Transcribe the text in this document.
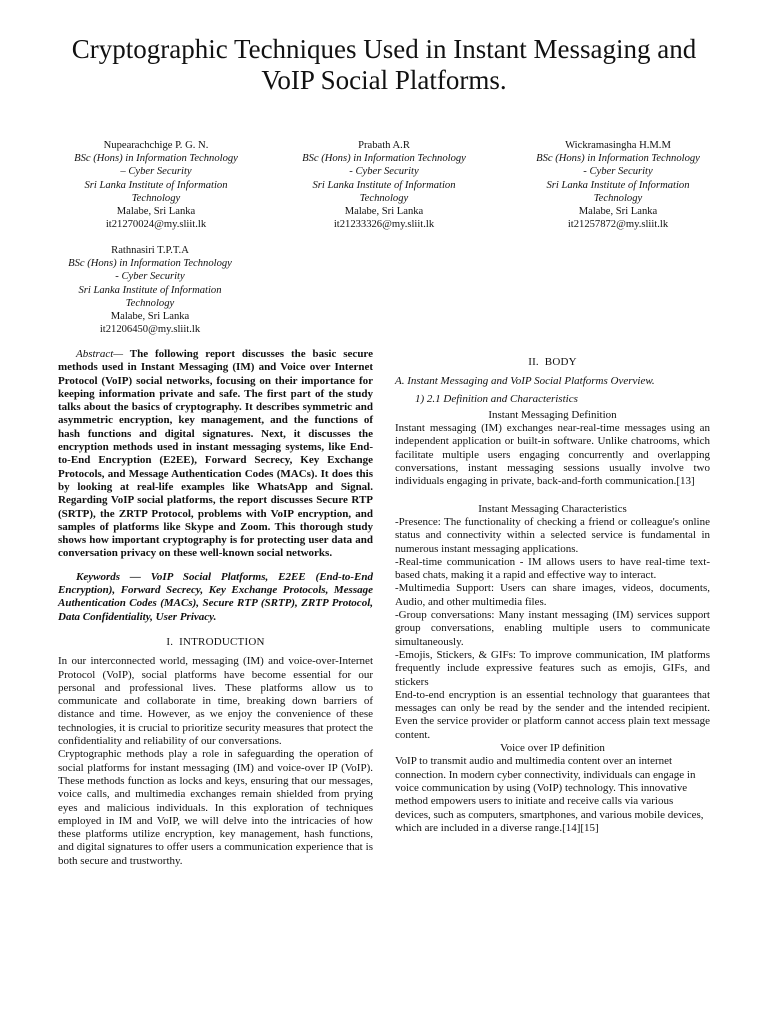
Cryptographic Techniques Used in Instant Messaging and VoIP Social Platforms.
Nupearachchige P. G. N.
BSc (Hons) in Information Technology
– Cyber Security
Sri Lanka Institute of Information Technology
Malabe, Sri Lanka
it21270024@my.sliit.lk
Prabath A.R
BSc (Hons) in Information Technology
- Cyber Security
Sri Lanka Institute of Information Technology
Malabe, Sri Lanka
it21233326@my.sliit.lk
Wickramasingha H.M.M
BSc (Hons) in Information Technology
- Cyber Security
Sri Lanka Institute of Information Technology
Malabe, Sri Lanka
it21257872@my.sliit.lk
Rathnasiri T.P.T.A
BSc (Hons) in Information Technology
- Cyber Security
Sri Lanka Institute of Information Technology
Malabe, Sri Lanka
it21206450@my.sliit.lk

Abstract— The following report discusses the basic secure methods used in Instant Messaging (IM) and Voice over Internet Protocol (VoIP) social networks, focusing on their importance for keeping information private and safe. The first part of the study talks about the basics of cryptography. It describes symmetric and asymmetric encryption, key management, and the functions of hash functions and digital signatures. Next, it discusses the encryption methods used in instant messaging systems, like End-to-End Encryption (E2EE), Forward Secrecy, Key Exchange Protocols, and Message Authentication Codes (MACs). It does this by looking at real-life examples like WhatsApp and Signal. Regarding VoIP social platforms, the report discusses Secure RTP (SRTP), the ZRTP Protocol, problems with VoIP encryption, and samples of platforms like Skype and Zoom. This thorough study shows how important cryptography is for protecting user data and conversation privacy on these well-known social networks.

Keywords — VoIP Social Platforms, E2EE (End-to-End Encryption), Forward Secrecy, Key Exchange Protocols, Message Authentication Codes (MACs), Secure RTP (SRTP), ZRTP Protocol, Data Confidentiality, User Privacy.

I. INTRODUCTION

In our interconnected world, messaging (IM) and voice-over-Internet Protocol (VoIP), social platforms have become essential for our personal and professional lives. These platforms allow us to communicate and collaborate in time, breaking down barriers of distance and time. However, as we enjoy the convenience of these technologies, it is crucial to prioritize security measures that protect the confidentiality and reliability of our conversations.

Cryptographic methods play a role in safeguarding the operation of social platforms for instant messaging (IM) and voice-over IP (VoIP). These methods function as locks and keys, ensuring that our messages, voice calls, and multimedia exchanges remain shielded from prying eyes and malicious individuals. In this exploration of techniques employed in IM and VoIP, we will delve into the intricacies of how these platforms utilize encryption, key management, hash functions, and digital signatures to offer users a communication experience that is both secure and trustworthy.

II. BODY

A. Instant Messaging and VoIP Social Platforms Overview.

1) 2.1 Definition and Characteristics

Instant Messaging Definition

Instant messaging (IM) exchanges near-real-time messages using an independent application or built-in software. Unlike chatrooms, which facilitate multiple users engaging concurrently and overlapping conversations, instant messaging sessions usually involve two individuals engaging in private, back-and-forth communication.[13]

Instant Messaging Characteristics

-Presence: The functionality of checking a friend or colleague's online status and connectivity within a selected service is fundamental in numerous instant messaging applications.

-Real-time communication - IM allows users to have real-time text-based chats, making it a rapid and effective way to interact.

-Multimedia Support: Users can share images, videos, documents, Audio, and other multimedia files.

-Group conversations: Many instant messaging (IM) services support group conversations, enabling multiple users to communicate simultaneously.

-Emojis, Stickers, & GIFs: To improve communication, IM platforms frequently include expressive features such as emojis, GIFs, and stickers

End-to-end encryption is an essential technology that guarantees that messages can only be read by the sender and the intended recipient. Even the service provider or platform cannot access plain text message content.

Voice over IP definition

VoIP to transmit audio and multimedia content over an internet connection. In modern cyber connectivity, individuals can engage in voice communication by using (VoIP) technology. This innovative method empowers users to initiate and receive calls via various devices, such as computers, smartphones, and various mobile devices, which are included in a diverse range.[14][15]
